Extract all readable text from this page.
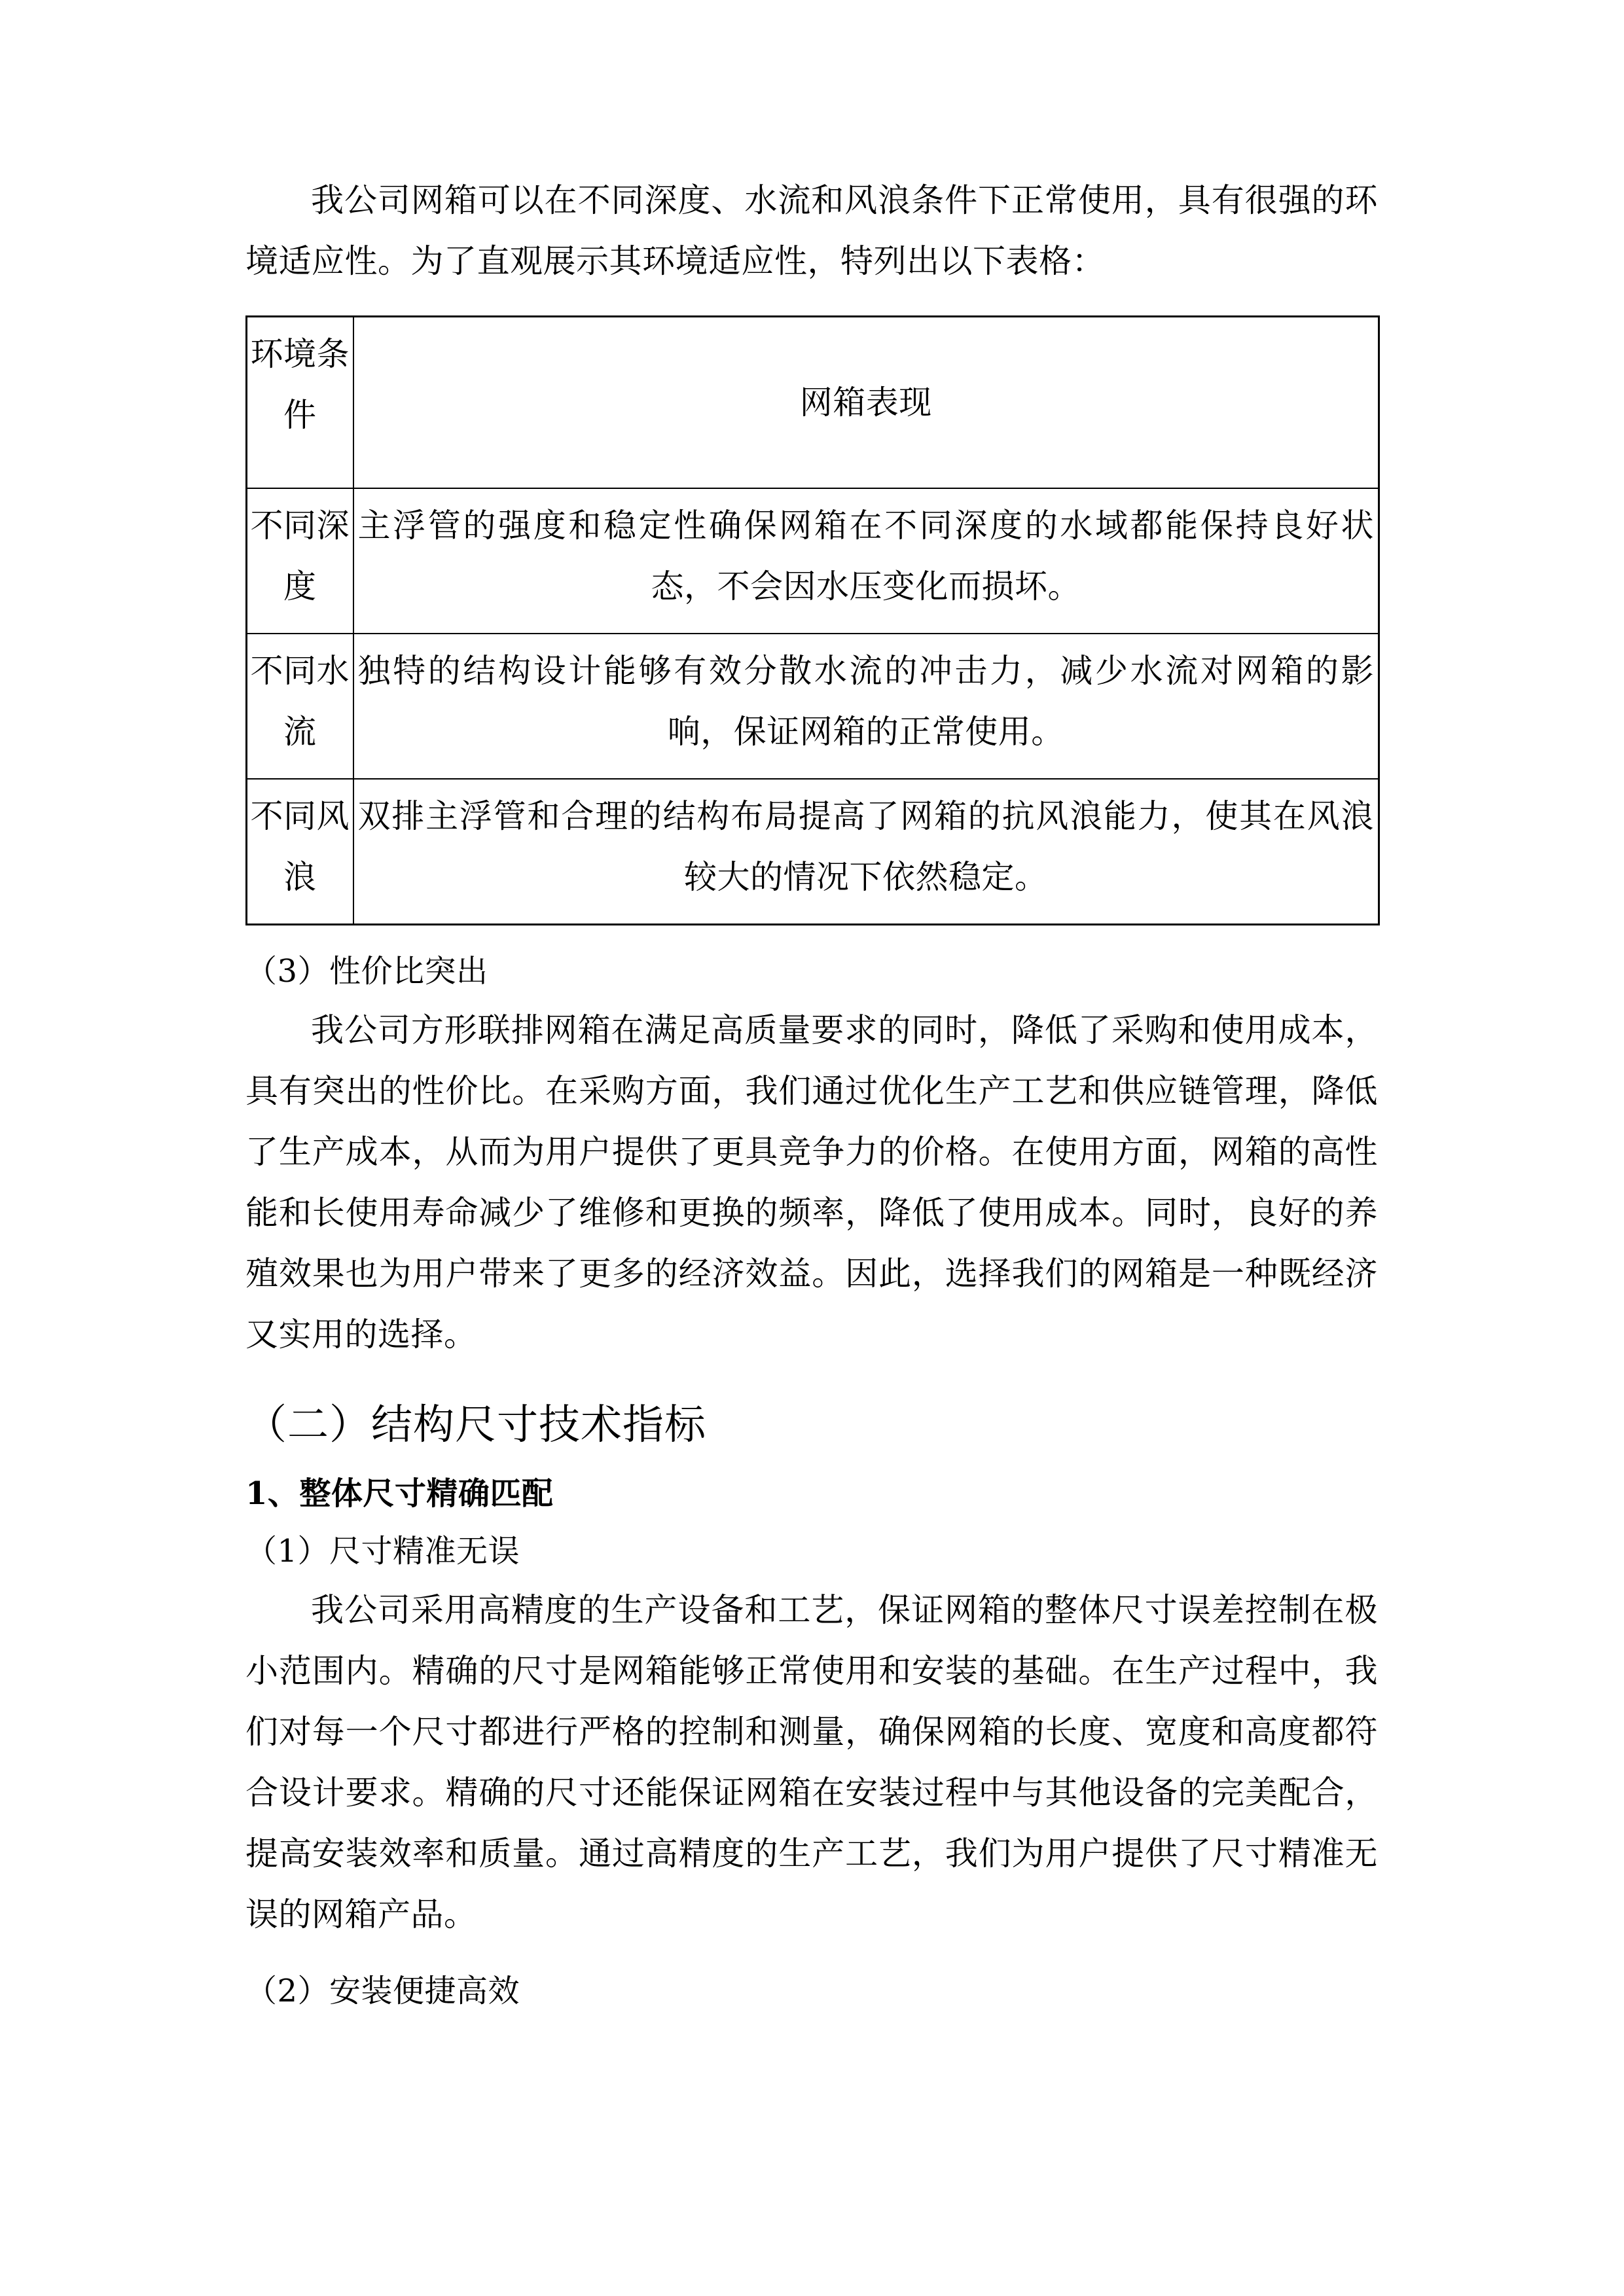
我公司网箱可以在不同深度、水流和风浪条件下正常使用，具有很强的环境适应性。为了直观展示其环境适应性，特列出以下表格：

环境条件	网箱表现
不同深度	主浮管的强度和稳定性确保网箱在不同深度的水域都能保持良好状态，不会因水压变化而损坏。

不同水流	独特的结构设计能够有效分散水流的冲击力，减少水流对网箱的影响，保证网箱的正常使用。

不同风浪	双排主浮管和合理的结构布局提高了网箱的抗风浪能力，使其在风浪较大的情况下依然稳定。

（3）性价比突出

我公司方形联排网箱在满足高质量要求的同时，降低了采购和使用成本，具有突出的性价比。在采购方面，我们通过优化生产工艺和供应链管理，降低了生产成本，从而为用户提供了更具竞争力的价格。在使用方面，网箱的高性能和长使用寿命减少了维修和更换的频率，降低了使用成本。同时，良好的养殖效果也为用户带来了更多的经济效益。因此，选择我们的网箱是一种既经济又实用的选择。

（二）结构尺寸技术指标

1、整体尺寸精确匹配

（1）尺寸精准无误

我公司采用高精度的生产设备和工艺，保证网箱的整体尺寸误差控制在极小范围内。精确的尺寸是网箱能够正常使用和安装的基础。在生产过程中，我们对每一个尺寸都进行严格的控制和测量，确保网箱的长度、宽度和高度都符合设计要求。精确的尺寸还能保证网箱在安装过程中与其他设备的完美配合，提高安装效率和质量。通过高精度的生产工艺，我们为用户提供了尺寸精准无误的网箱产品。

（2）安装便捷高效
